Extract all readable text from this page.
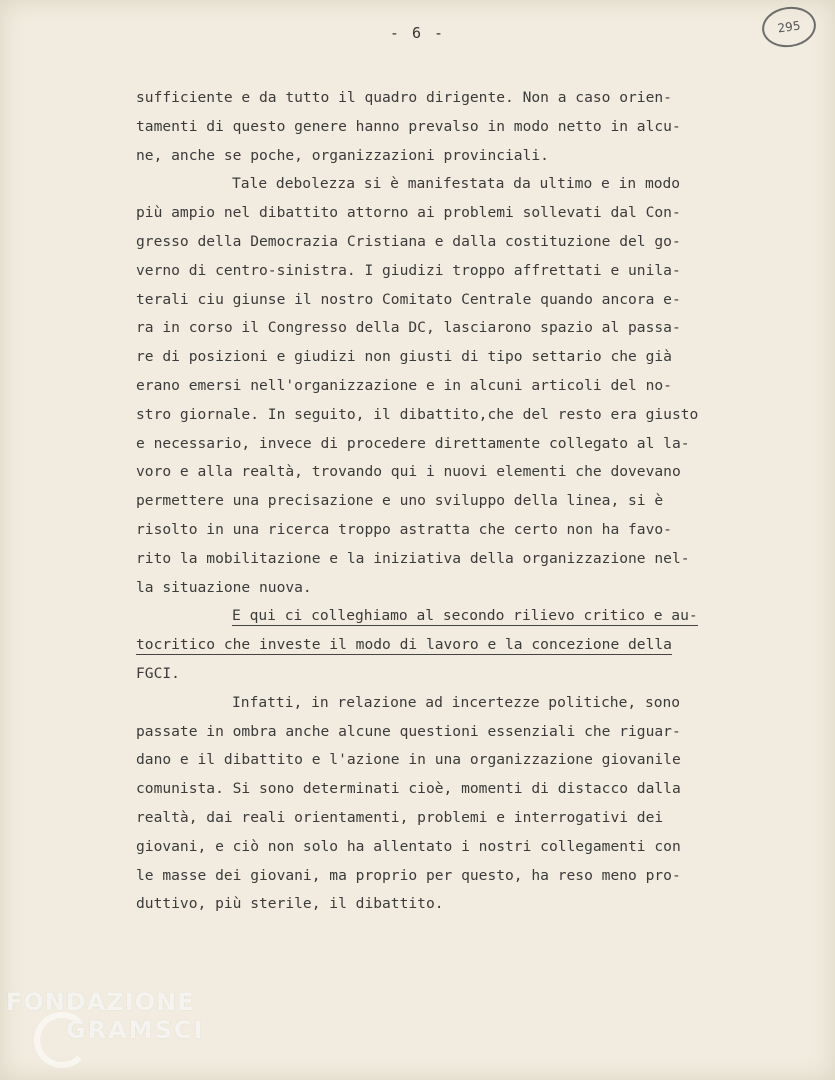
- 6 -	295
sufficiente e da tutto il quadro dirigente. Non a caso orien-
tamenti di questo genere hanno prevalso in modo netto in alcu-
ne, anche se poche, organizzazioni provinciali.
Tale debolezza si è manifestata da ultimo e in modo
più ampio nel dibattito attorno ai problemi sollevati dal Con-
gresso della Democrazia Cristiana e dalla costituzione del go-
verno di centro-sinistra. I giudizi troppo affrettati e unila-
terali ciu giunse il nostro Comitato Centrale quando ancora e-
ra in corso il Congresso della DC, lasciarono spazio al passa-
re di posizioni e giudizi non giusti di tipo settario che già
erano emersi nell'organizzazione e in alcuni articoli del no-
stro giornale. In seguito, il dibattito,che del resto era giusto
e necessario, invece di procedere direttamente collegato al la-
voro e alla realtà, trovando qui i nuovi elementi che dovevano
permettere una precisazione e uno sviluppo della linea, si è
risolto in una ricerca troppo astratta che certo non ha favo-
rito la mobilitazione e la iniziativa della organizzazione nel-
la situazione nuova.
E qui ci colleghiamo al secondo rilievo critico e au-
tocritico che investe il modo di lavoro e la concezione della
FGCI.
Infatti, in relazione ad incertezze politiche, sono
passate in ombra anche alcune questioni essenziali che riguar-
dano e il dibattito e l'azione in una organizzazione giovanile
comunista. Si sono determinati cioè, momenti di distacco dalla
realtà, dai reali orientamenti, problemi e interrogativi dei
giovani, e ciò non solo ha allentato i nostri collegamenti con
le masse dei giovani, ma proprio per questo, ha reso meno pro-
duttivo, più sterile, il dibattito.
FONDAZIONE
GRAMSCI
